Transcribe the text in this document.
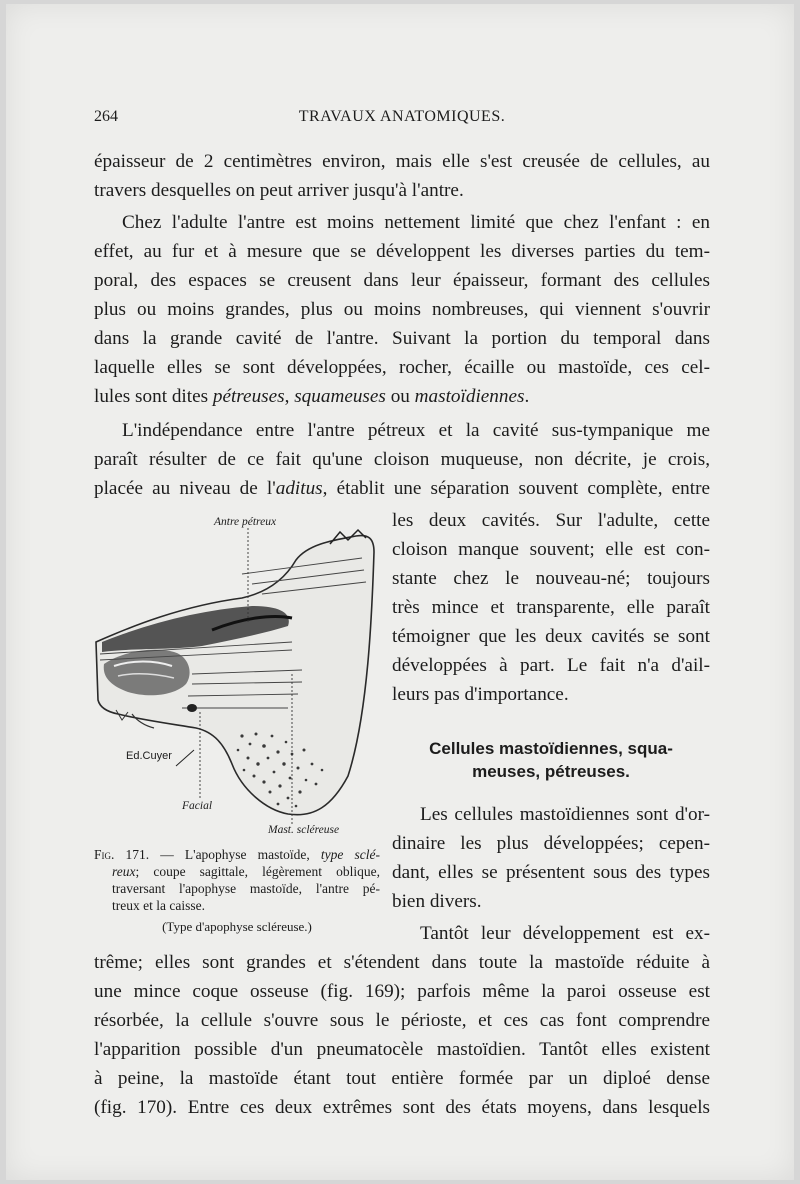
264	TRAVAUX ANATOMIQUES.
épaisseur de 2 centimètres environ, mais elle s'est creusée de cellules, au
travers desquelles on peut arriver jusqu'à l'antre.
Chez l'adulte l'antre est moins nettement limité que chez l'enfant : en
effet, au fur et à mesure que se développent les diverses parties du tem-
poral, des espaces se creusent dans leur épaisseur, formant des cellules
plus ou moins grandes, plus ou moins nombreuses, qui viennent s'ouvrir
dans la grande cavité de l'antre. Suivant la portion du temporal dans
laquelle elles se sont développées, rocher, écaille ou mastoïde, ces cel-
lules sont dites pétreuses, squameuses ou mastoïdiennes.
L'indépendance entre l'antre pétreux et la cavité sus-tympanique me
paraît résulter de ce fait qu'une cloison muqueuse, non décrite, je crois,
placée au niveau de l'aditus, établit une séparation souvent complète, entre
les deux cavités. Sur l'adulte, cette
cloison manque souvent; elle est con-
stante chez le nouveau-né; toujours
très mince et transparente, elle paraît
témoigner que les deux cavités se sont
développées à part. Le fait n'a d'ail-
leurs pas d'importance.
Cellules mastoïdiennes, squa-
meuses, pétreuses.
Les cellules mastoïdiennes sont d'or-
dinaire les plus développées; cepen-
dant, elles se présentent sous des types
bien divers.
Tantôt leur développement est ex-
trême; elles sont grandes et s'étendent dans toute la mastoïde réduite à
une mince coque osseuse (fig. 169); parfois même la paroi osseuse est
résorbée, la cellule s'ouvre sous le périoste, et ces cas font comprendre
l'apparition possible d'un pneumatocèle mastoïdien. Tantôt elles existent
à peine, la mastoïde étant tout entière formée par un diploé dense
(fig. 170). Entre ces deux extrêmes sont des états moyens, dans lesquels
Antre pétreux
Ed.Cuyer
Facial
Mast. scléreuse
Fig. 171. — L'apophyse mastoïde, type sclé-
reux; coupe sagittale, légèrement oblique,
traversant l'apophyse mastoïde, l'antre pé-
treux et la caisse.
(Type d'apophyse scléreuse.)
